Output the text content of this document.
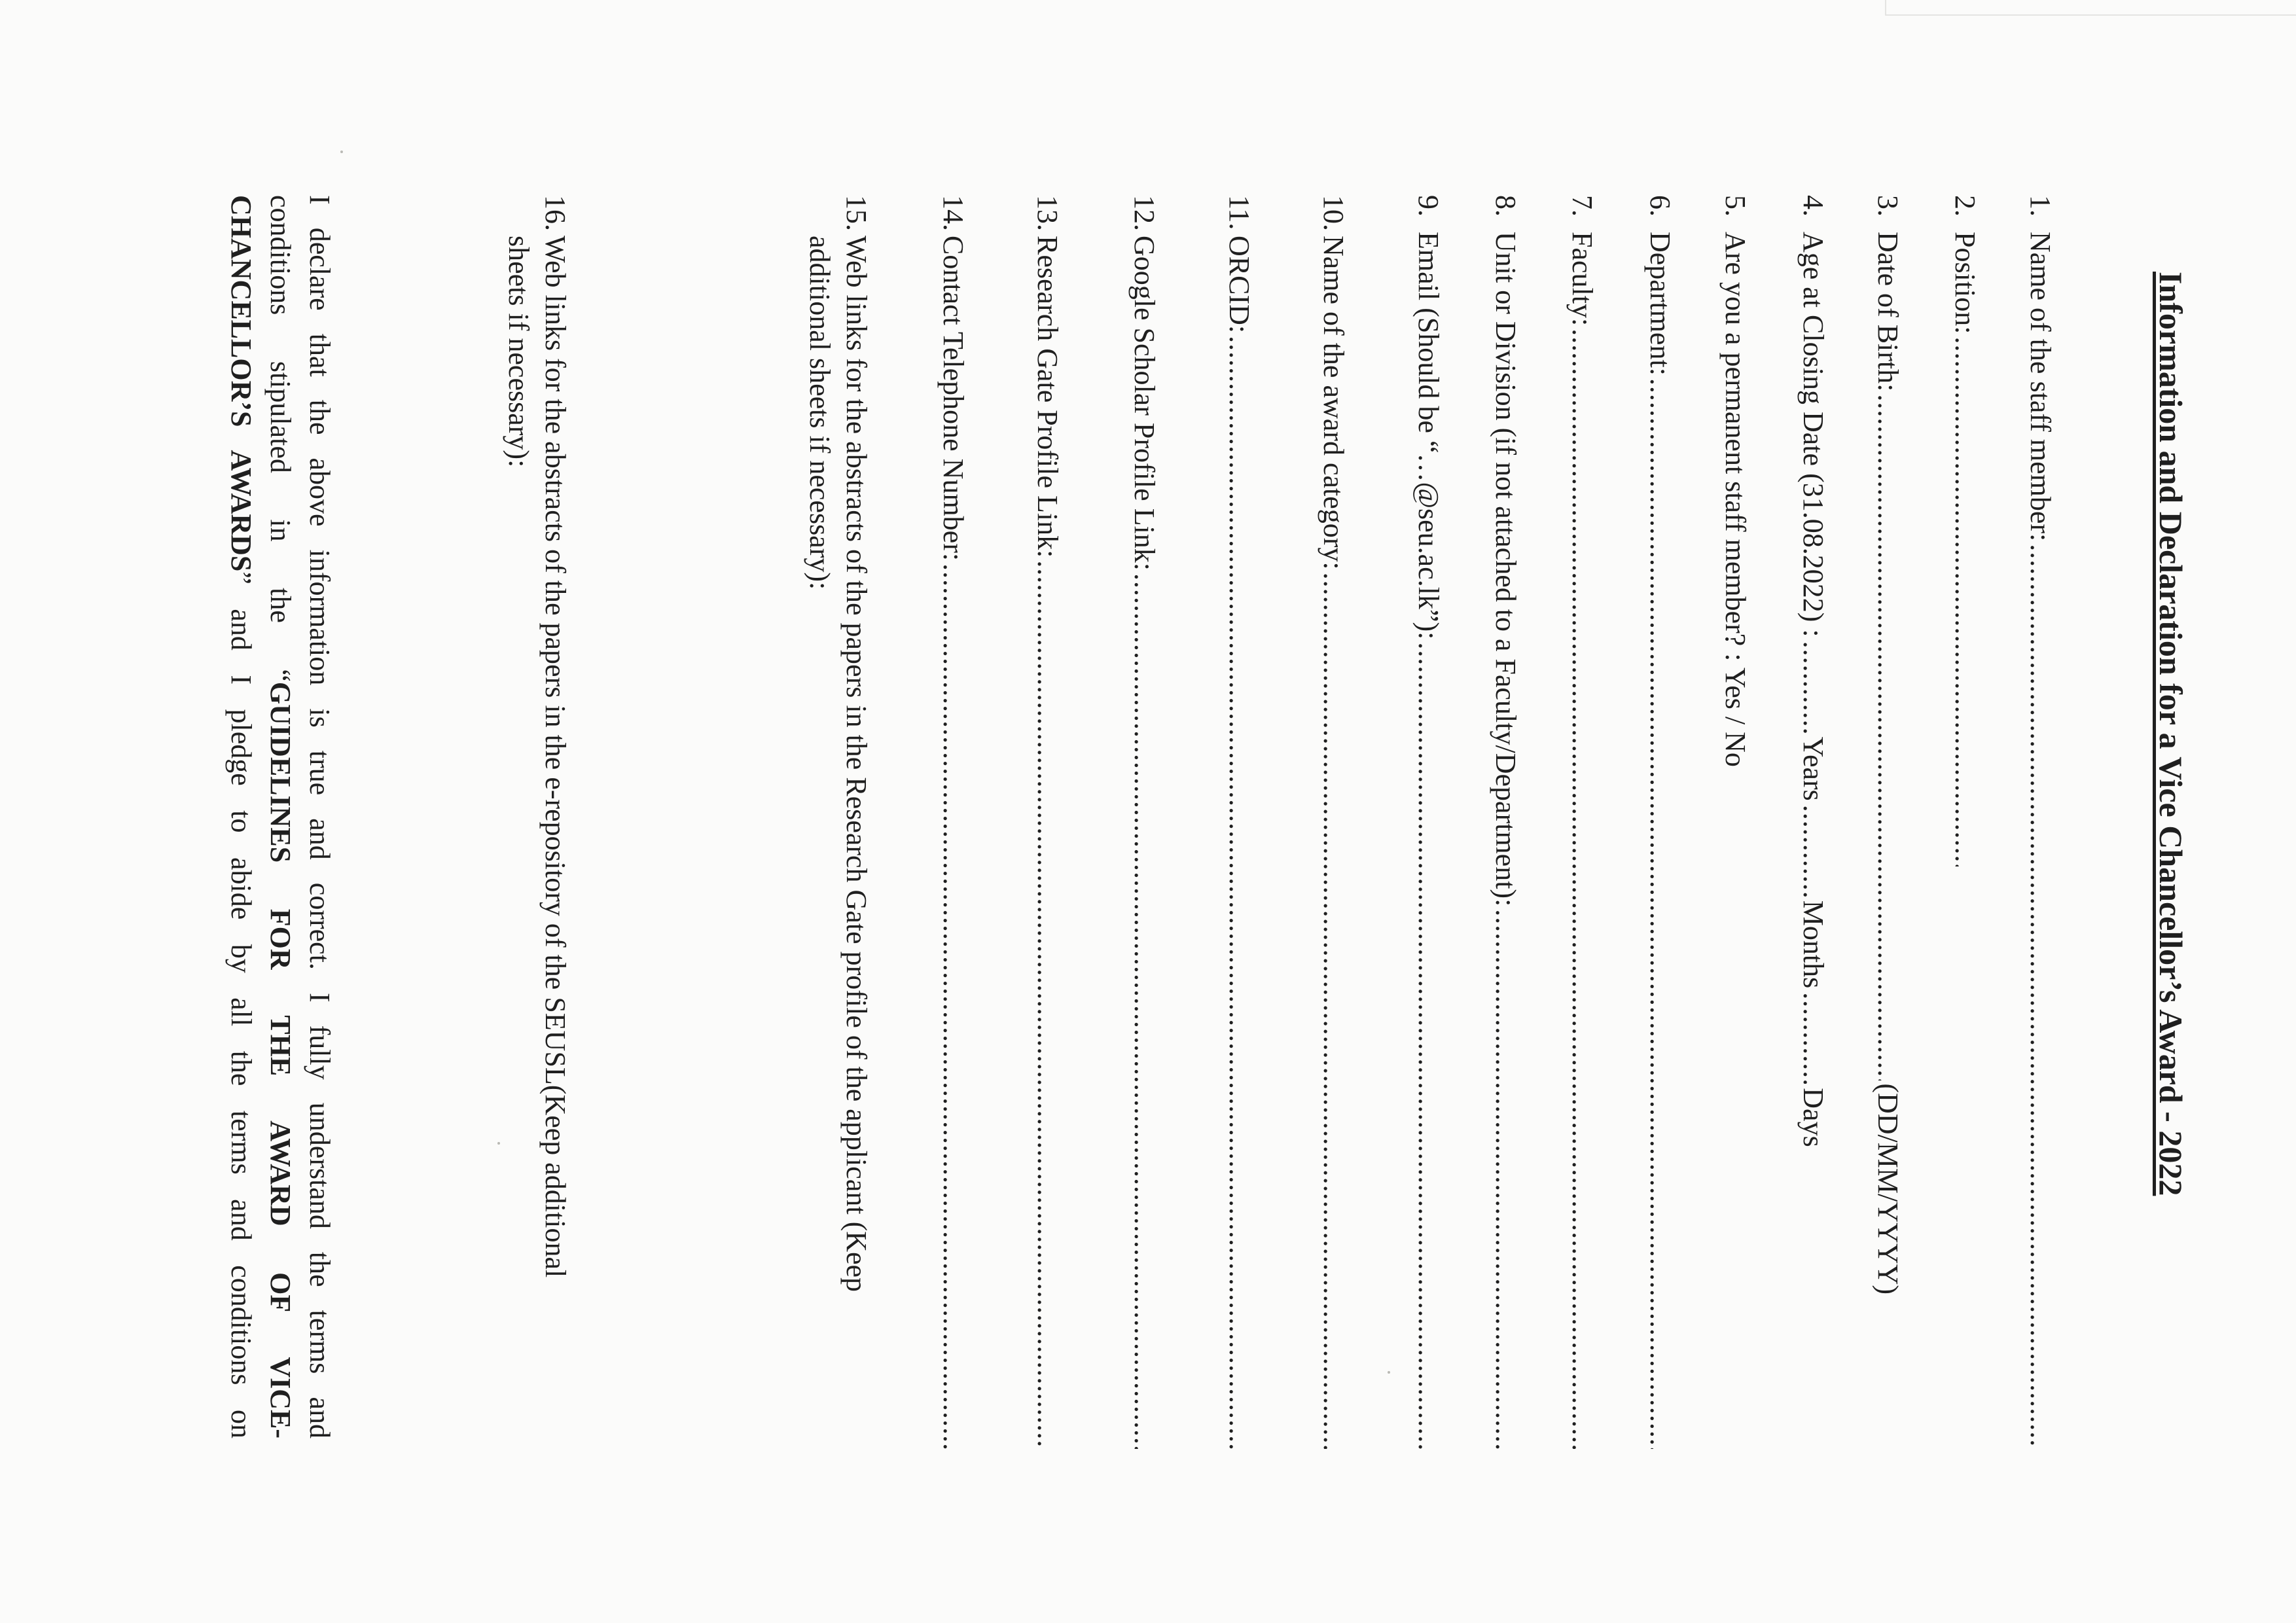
Information and Declaration for a Vice Chancellor’s Award - 2022
1.
Name of the staff member:
.....
2.
Position:
.....
3.
Date of Birth:
.....
(DD/MM/YYYY)
4.
Age at Closing Date (31.08.2022) :
.....
Years
.....
Months
.....
Days
5.
Are you a permanent staff member? : Yes / No
6.
Department:
.....
7.
Faculty:
.....
8.
Unit or Division (if not attached to a Faculty/Department):
.....
9.
Email (Should be “…@seu.ac.lk”):
.....
10.
Name of the award category:
.....
11.
ORCID:
.....
12.
Google Scholar Profile Link:
.....
13.
Research Gate Profile Link:
.....
14.
Contact Telephone Number:
.....
15.Web links for the abstracts of the papers in the Research Gate profile of the applicant (Keep
additional sheets if necessary):
16.Web links for the abstracts of the papers in the e-repository of the SEUSL(Keep additional
sheets if necessary):
I declare that the above information is true and correct. I fully understand the terms and
conditions stipulated in the “GUIDELINES FOR THE AWARD OF VICE-
CHANCELLOR’S AWARDS” and I pledge to abide by all the terms and conditions on
